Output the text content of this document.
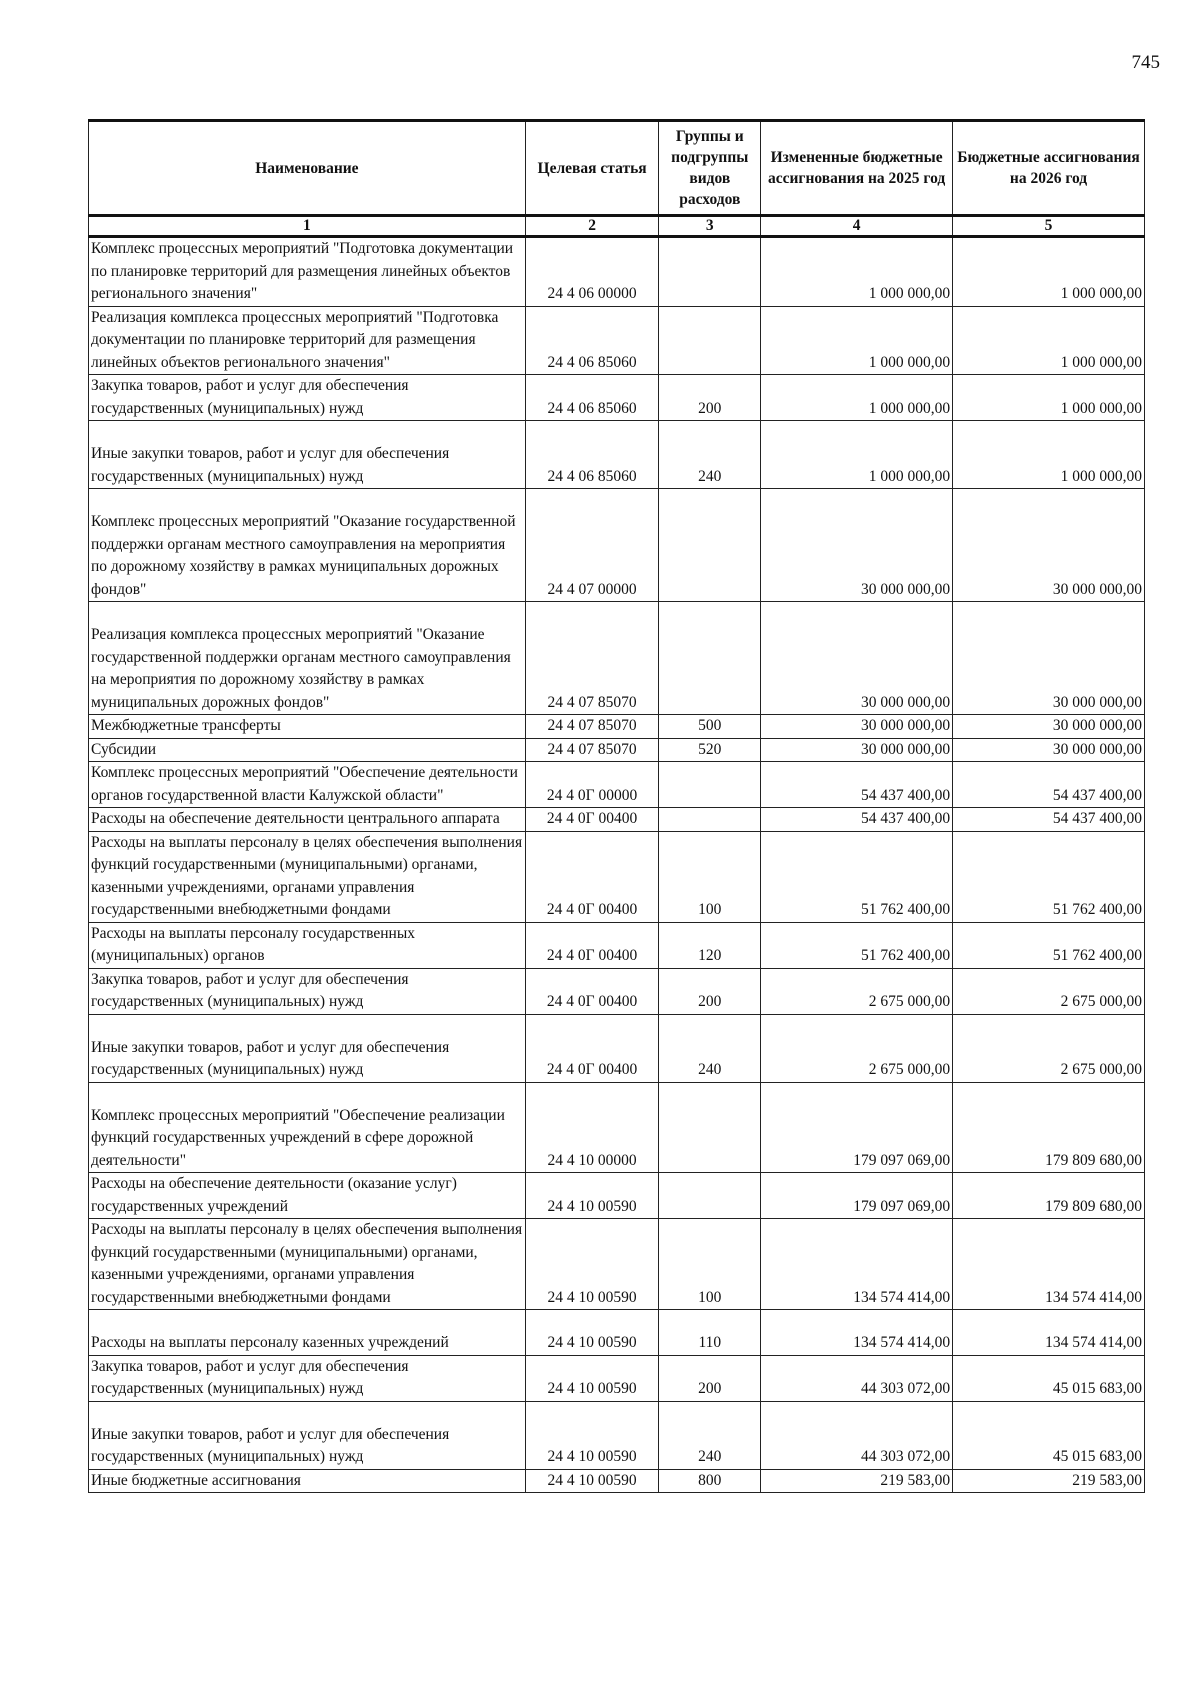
745
Наименование	Целевая статья	Группы и подгруппы видов расходов	Измененные бюджетные ассигнования на 2025 год	Бюджетные ассигнования на 2026 год
1	2	3	4	5
Комплекс процессных мероприятий "Подготовка документации по планировке территорий для размещения линейных объектов регионального значения"	24 4 06 00000		1 000 000,00	1 000 000,00
Реализация комплекса процессных мероприятий "Подготовка документации по планировке территорий для размещения линейных объектов регионального значения"	24 4 06 85060		1 000 000,00	1 000 000,00
Закупка товаров, работ и услуг для обеспечения государственных (муниципальных) нужд	24 4 06 85060	200	1 000 000,00	1 000 000,00
Иные закупки товаров, работ и услуг для обеспечения государственных (муниципальных) нужд	24 4 06 85060	240	1 000 000,00	1 000 000,00
Комплекс процессных мероприятий "Оказание государственной поддержки органам местного самоуправления на мероприятия по дорожному хозяйству в рамках муниципальных дорожных фондов"	24 4 07 00000		30 000 000,00	30 000 000,00
Реализация комплекса процессных мероприятий "Оказание государственной поддержки органам местного самоуправления на мероприятия по дорожному хозяйству в рамках муниципальных дорожных фондов"	24 4 07 85070		30 000 000,00	30 000 000,00
Межбюджетные трансферты	24 4 07 85070	500	30 000 000,00	30 000 000,00
Субсидии	24 4 07 85070	520	30 000 000,00	30 000 000,00
Комплекс процессных мероприятий "Обеспечение деятельности органов государственной власти Калужской области"	24 4 0Г 00000		54 437 400,00	54 437 400,00
Расходы на обеспечение деятельности центрального аппарата	24 4 0Г 00400		54 437 400,00	54 437 400,00
Расходы на выплаты персоналу в целях обеспечения выполнения функций государственными (муниципальными) органами, казенными учреждениями, органами управления государственными внебюджетными фондами	24 4 0Г 00400	100	51 762 400,00	51 762 400,00
Расходы на выплаты персоналу государственных (муниципальных) органов	24 4 0Г 00400	120	51 762 400,00	51 762 400,00
Закупка товаров, работ и услуг для обеспечения государственных (муниципальных) нужд	24 4 0Г 00400	200	2 675 000,00	2 675 000,00
Иные закупки товаров, работ и услуг для обеспечения государственных (муниципальных) нужд	24 4 0Г 00400	240	2 675 000,00	2 675 000,00
Комплекс процессных мероприятий "Обеспечение реализации функций государственных учреждений в сфере дорожной деятельности"	24 4 10 00000		179 097 069,00	179 809 680,00
Расходы на обеспечение деятельности (оказание услуг) государственных учреждений	24 4 10 00590		179 097 069,00	179 809 680,00
Расходы на выплаты персоналу в целях обеспечения выполнения функций государственными (муниципальными) органами, казенными учреждениями, органами управления государственными внебюджетными фондами	24 4 10 00590	100	134 574 414,00	134 574 414,00
Расходы на выплаты персоналу казенных учреждений	24 4 10 00590	110	134 574 414,00	134 574 414,00
Закупка товаров, работ и услуг для обеспечения государственных (муниципальных) нужд	24 4 10 00590	200	44 303 072,00	45 015 683,00
Иные закупки товаров, работ и услуг для обеспечения государственных (муниципальных) нужд	24 4 10 00590	240	44 303 072,00	45 015 683,00
Иные бюджетные ассигнования	24 4 10 00590	800	219 583,00	219 583,00
